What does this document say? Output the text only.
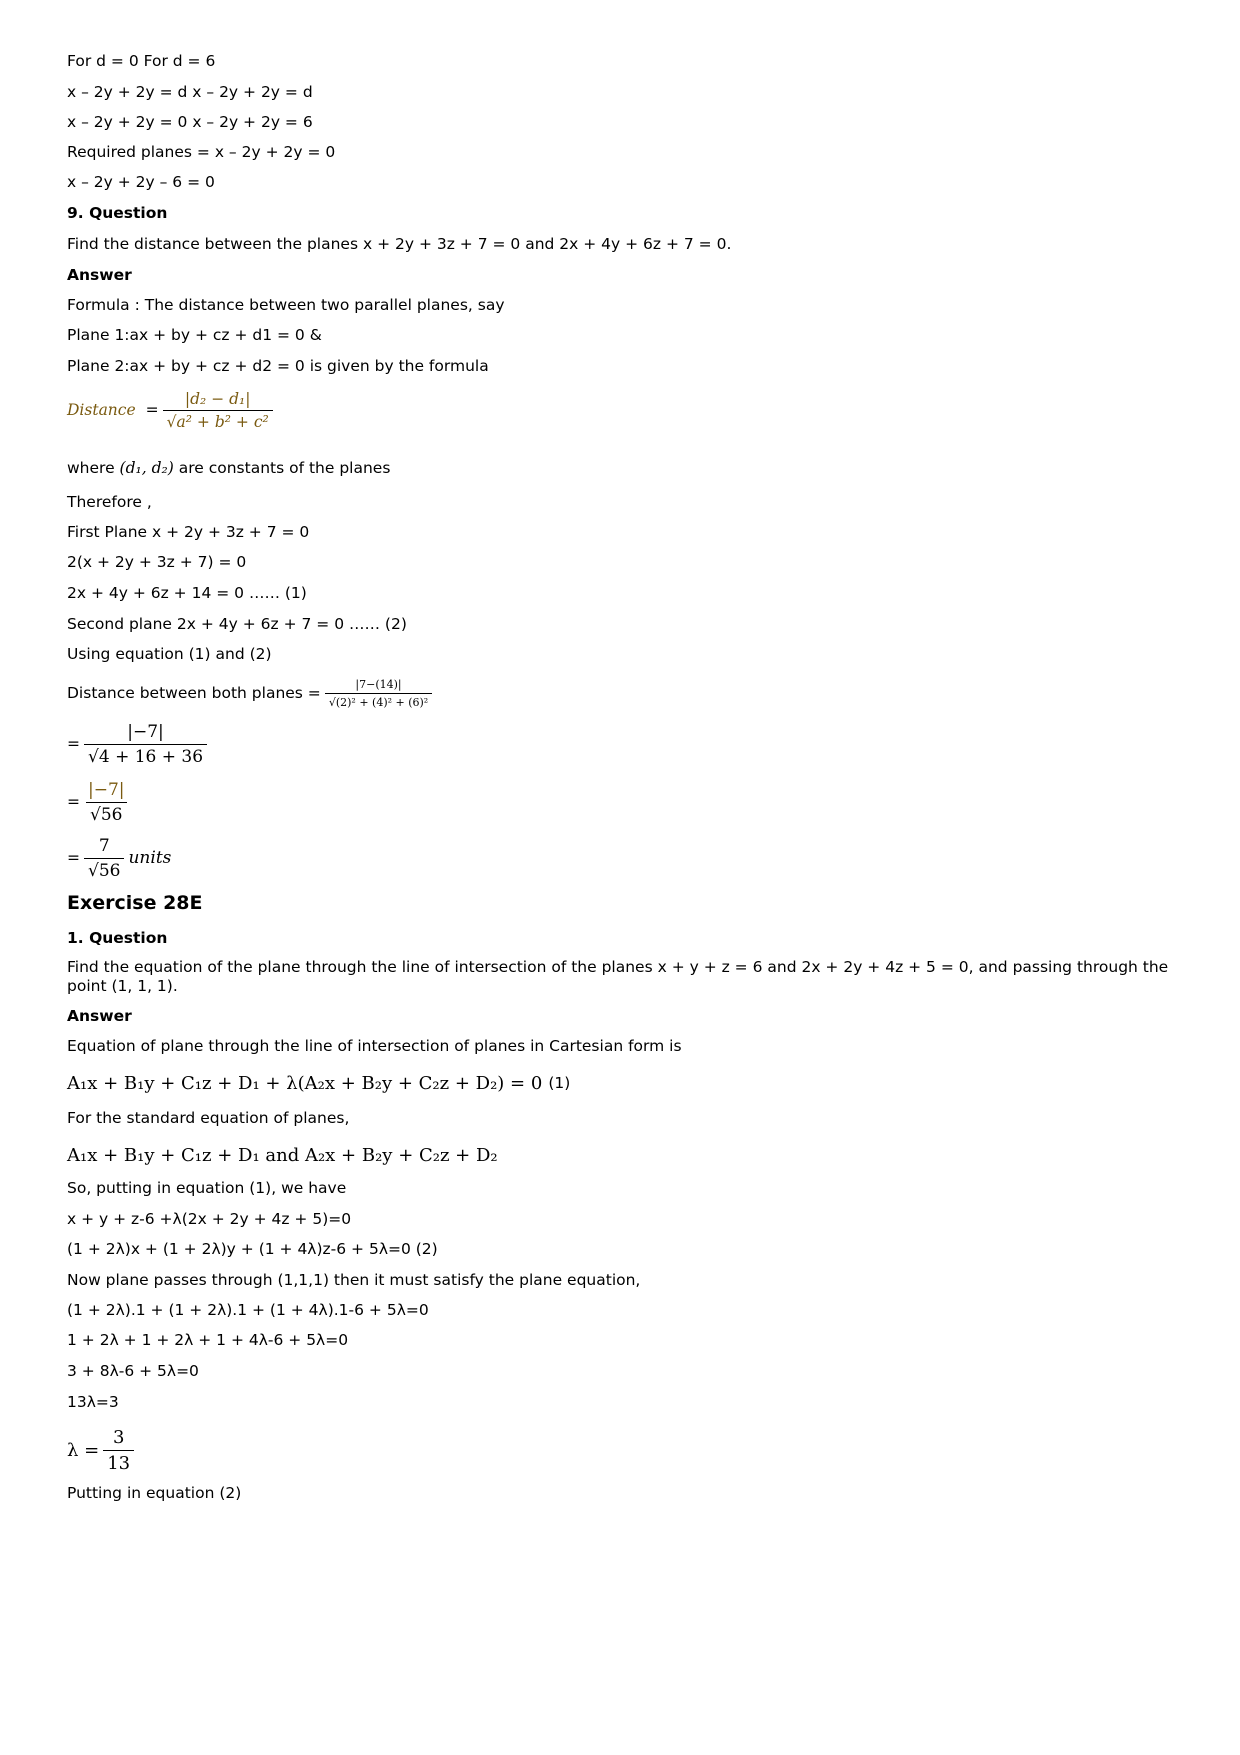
For d = 0 For d = 6
x – 2y + 2y = d x – 2y + 2y = d
x – 2y + 2y = 0 x – 2y + 2y = 6
Required planes = x – 2y + 2y = 0
x – 2y + 2y – 6 = 0
9. Question
Find the distance between the planes x + 2y + 3z + 7 = 0 and 2x + 4y + 6z + 7 = 0.
Answer
Formula : The distance between two parallel planes, say
Plane 1:ax + by + cz + d1 = 0 &
Plane 2:ax + by + cz + d2 = 0 is given by the formula
Distance = |d₂ − d₁|
√ a² + b² + c²
where (d₁, d₂) are constants of the planes
Therefore ,
First Plane x + 2y + 3z + 7 = 0
2(x + 2y + 3z + 7) = 0
2x + 4y + 6z + 14 = 0 …… (1)
Second plane 2x + 4y + 6z + 7 = 0 …… (2)
Using equation (1) and (2)
Distance between both planes = |7−(14)|
√ (2)² + (4)² + (6)²
= |−7|
√ 4 + 16 + 36
= |−7|
√ 56
= 7
√ 56 units
Exercise 28E
1. Question
Find the equation of the plane through the line of intersection of the planes x + y + z = 6 and 2x + 2y + 4z + 5 = 0, and passing through the point (1, 1, 1).
Answer
Equation of plane through the line of intersection of planes in Cartesian form is
A₁x + B₁y + C₁z + D₁ + λ(A₂x + B₂y + C₂z + D₂) = 0 (1)
For the standard equation of planes,
A₁x + B₁y + C₁z + D₁ and A₂x + B₂y + C₂z + D₂
So, putting in equation (1), we have
x + y + z-6 +λ(2x + 2y + 4z + 5)=0
(1 + 2λ)x + (1 + 2λ)y + (1 + 4λ)z-6 + 5λ=0 (2)
Now plane passes through (1,1,1) then it must satisfy the plane equation,
(1 + 2λ).1 + (1 + 2λ).1 + (1 + 4λ).1-6 + 5λ=0
1 + 2λ + 1 + 2λ + 1 + 4λ-6 + 5λ=0
3 + 8λ-6 + 5λ=0
13λ=3
$\lambda = \frac{3}{13}$
Putting in equation (2)
